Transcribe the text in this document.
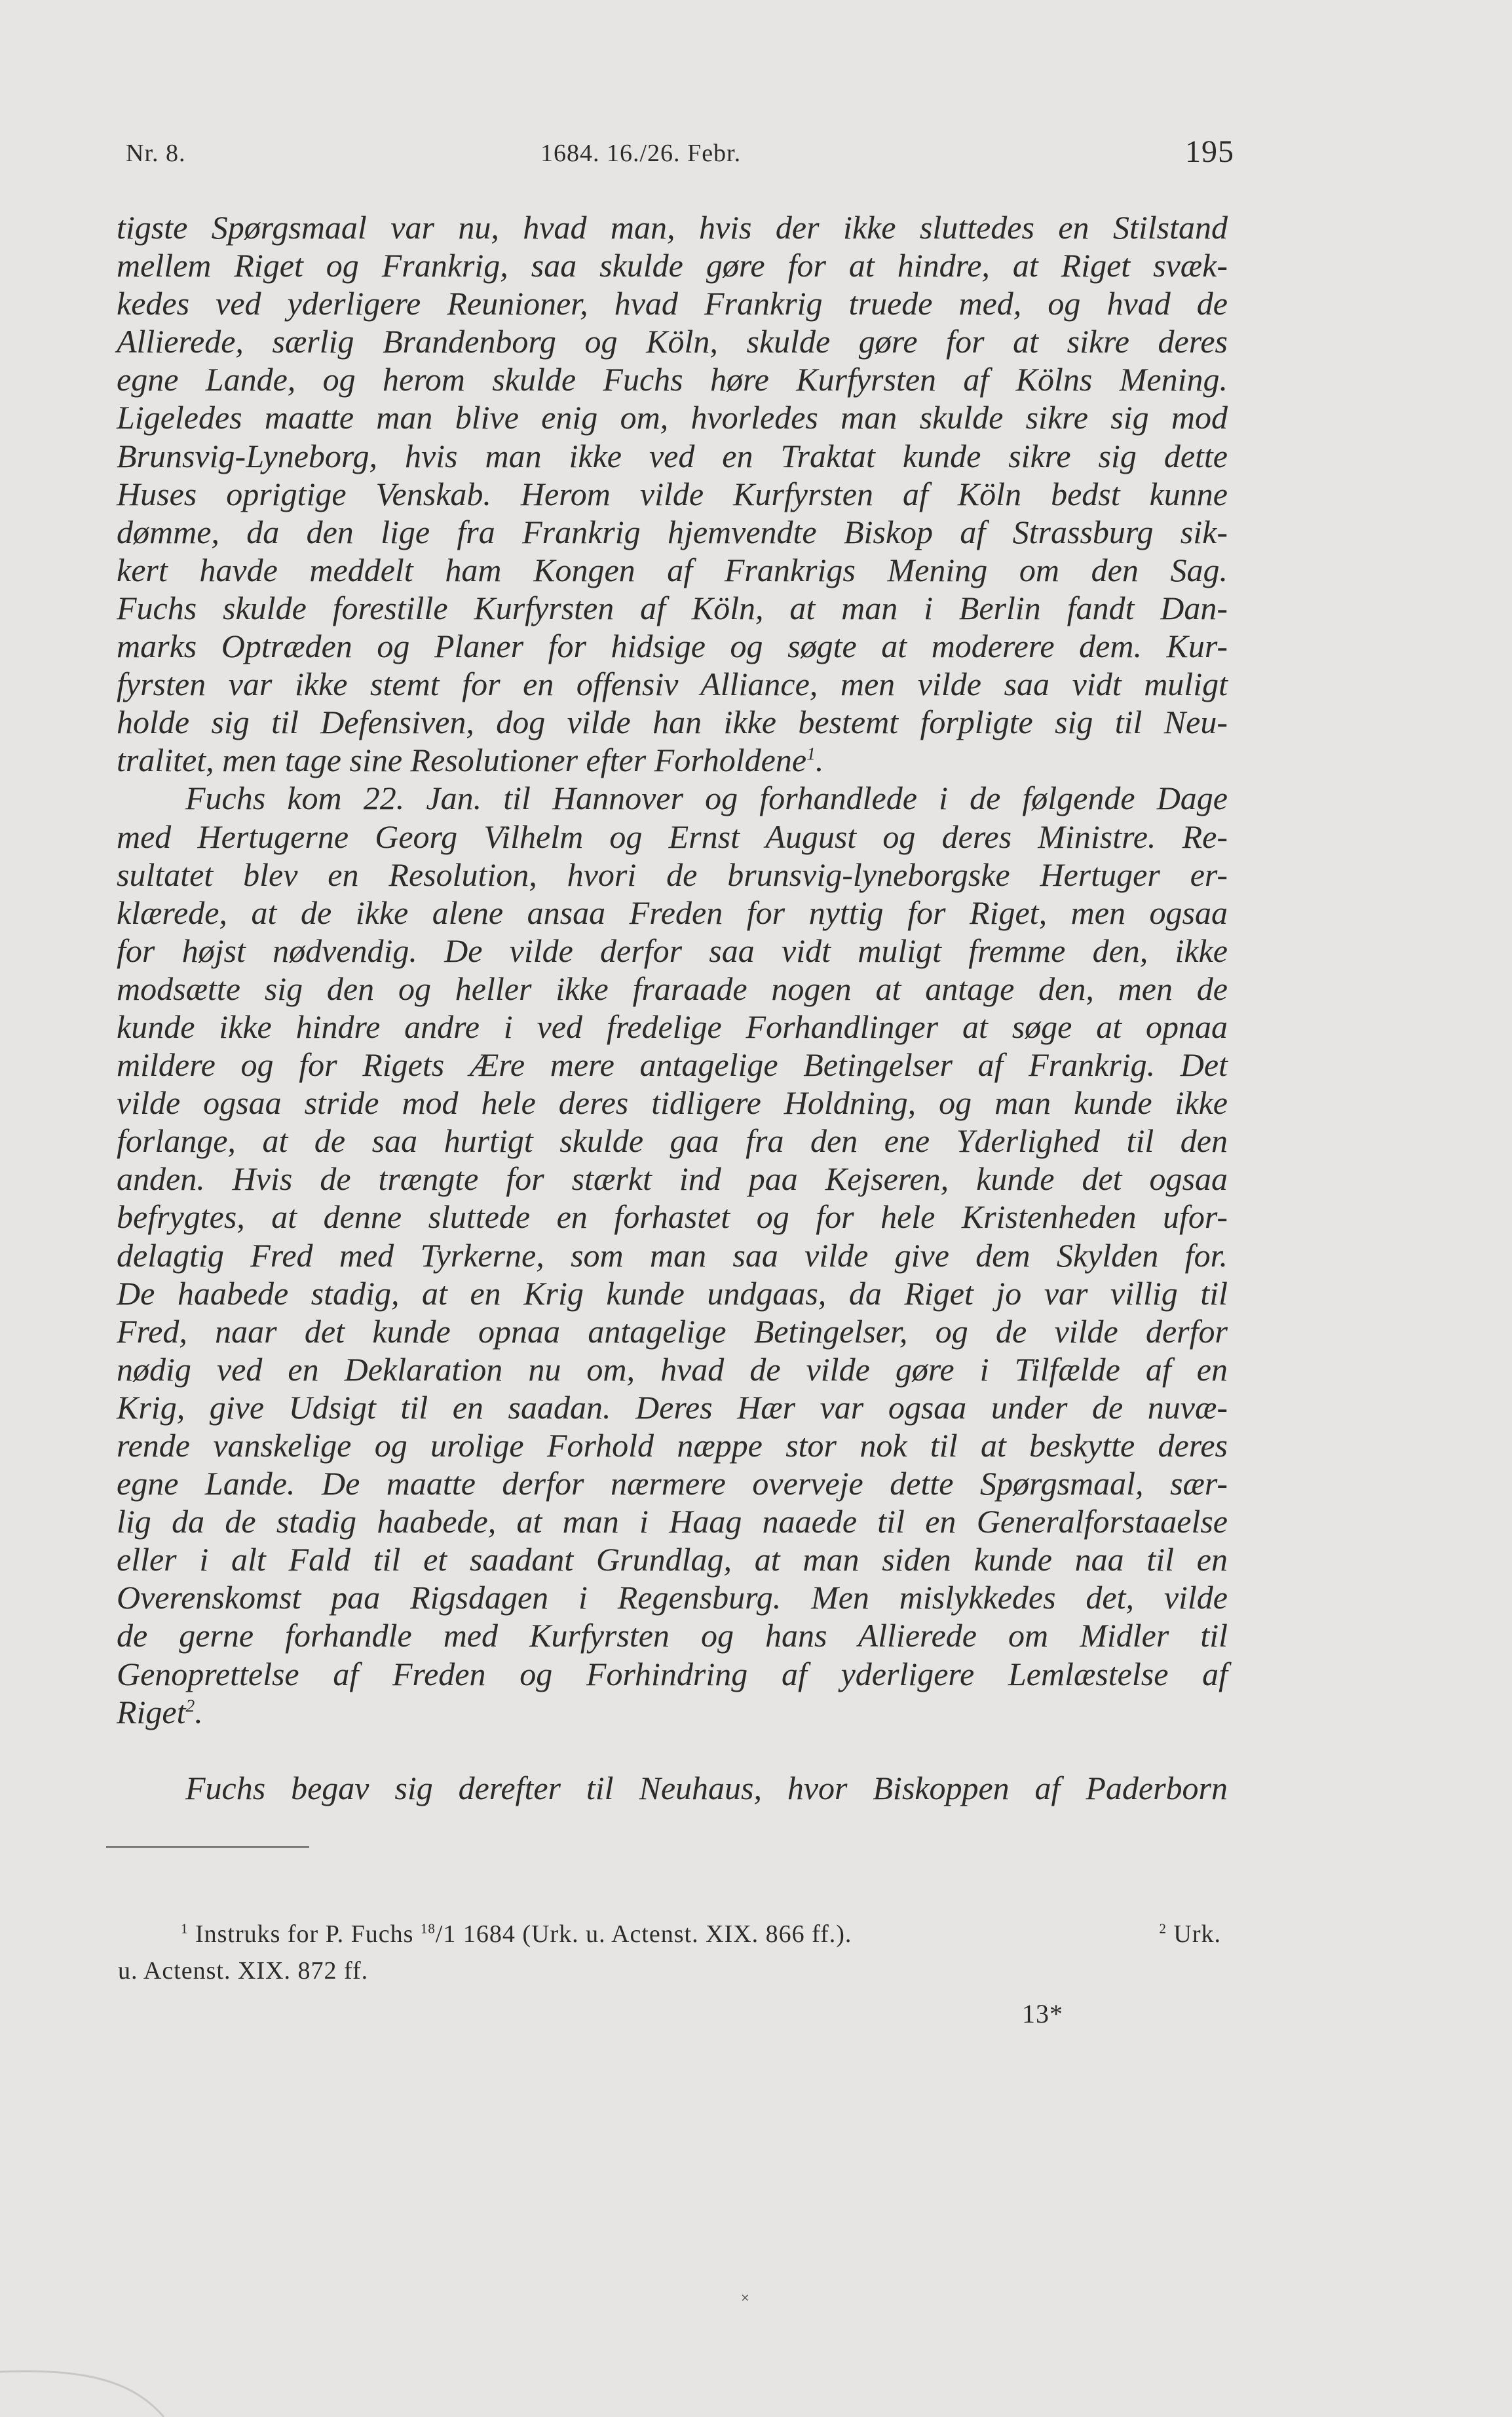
Nr. 8.	1684. 16./26. Febr.	195
tigste Spørgsmaal var nu, hvad man, hvis der ikke sluttedes en Stilstand
mellem Riget og Frankrig, saa skulde gøre for at hindre, at Riget svæk-
kedes ved yderligere Reunioner, hvad Frankrig truede med, og hvad de
Allierede, særlig Brandenborg og Köln, skulde gøre for at sikre deres
egne Lande, og herom skulde Fuchs høre Kurfyrsten af Kölns Mening.
Ligeledes maatte man blive enig om, hvorledes man skulde sikre sig mod
Brunsvig-Lyneborg, hvis man ikke ved en Traktat kunde sikre sig dette
Huses oprigtige Venskab. Herom vilde Kurfyrsten af Köln bedst kunne
dømme, da den lige fra Frankrig hjemvendte Biskop af Strassburg sik-
kert havde meddelt ham Kongen af Frankrigs Mening om den Sag.
Fuchs skulde forestille Kurfyrsten af Köln, at man i Berlin fandt Dan-
marks Optræden og Planer for hidsige og søgte at moderere dem. Kur-
fyrsten var ikke stemt for en offensiv Alliance, men vilde saa vidt muligt
holde sig til Defensiven, dog vilde han ikke bestemt forpligte sig til Neu-
tralitet, men tage sine Resolutioner efter Forholdene$^1$.
Fuchs kom 22. Jan. til Hannover og forhandlede i de følgende Dage
med Hertugerne Georg Vilhelm og Ernst August og deres Ministre. Re-
sultatet blev en Resolution, hvori de brunsvig-lyneborgske Hertuger er-
klærede, at de ikke alene ansaa Freden for nyttig for Riget, men ogsaa
for højst nødvendig. De vilde derfor saa vidt muligt fremme den, ikke
modsætte sig den og heller ikke fraraade nogen at antage den, men de
kunde ikke hindre andre i ved fredelige Forhandlinger at søge at opnaa
mildere og for Rigets Ære mere antagelige Betingelser af Frankrig. Det
vilde ogsaa stride mod hele deres tidligere Holdning, og man kunde ikke
forlange, at de saa hurtigt skulde gaa fra den ene Yderlighed til den
anden. Hvis de trængte for stærkt ind paa Kejseren, kunde det ogsaa
befrygtes, at denne sluttede en forhastet og for hele Kristenheden ufor-
delagtig Fred med Tyrkerne, som man saa vilde give dem Skylden for.
De haabede stadig, at en Krig kunde undgaas, da Riget jo var villig til
Fred, naar det kunde opnaa antagelige Betingelser, og de vilde derfor
nødig ved en Deklaration nu om, hvad de vilde gøre i Tilfælde af en
Krig, give Udsigt til en saadan. Deres Hær var ogsaa under de nuvæ-
rende vanskelige og urolige Forhold næppe stor nok til at beskytte deres
egne Lande. De maatte derfor nærmere overveje dette Spørgsmaal, sær-
lig da de stadig haabede, at man i Haag naaede til en Generalforstaaelse
eller i alt Fald til et saadant Grundlag, at man siden kunde naa til en
Overenskomst paa Rigsdagen i Regensburg. Men mislykkedes det, vilde
de gerne forhandle med Kurfyrsten og hans Allierede om Midler til
Genoprettelse af Freden og Forhindring af yderligere Lemlæstelse af
Riget$^2$.
Fuchs begav sig derefter til Neuhaus, hvor Biskoppen af Paderborn
$^1$ Instruks for P. Fuchs $^{18}$/1 1684 (Urk. u. Actenst. XIX. 866 ff.).	$^2$ Urk.
u. Actenst. XIX. 872 ff.
13*
˟
